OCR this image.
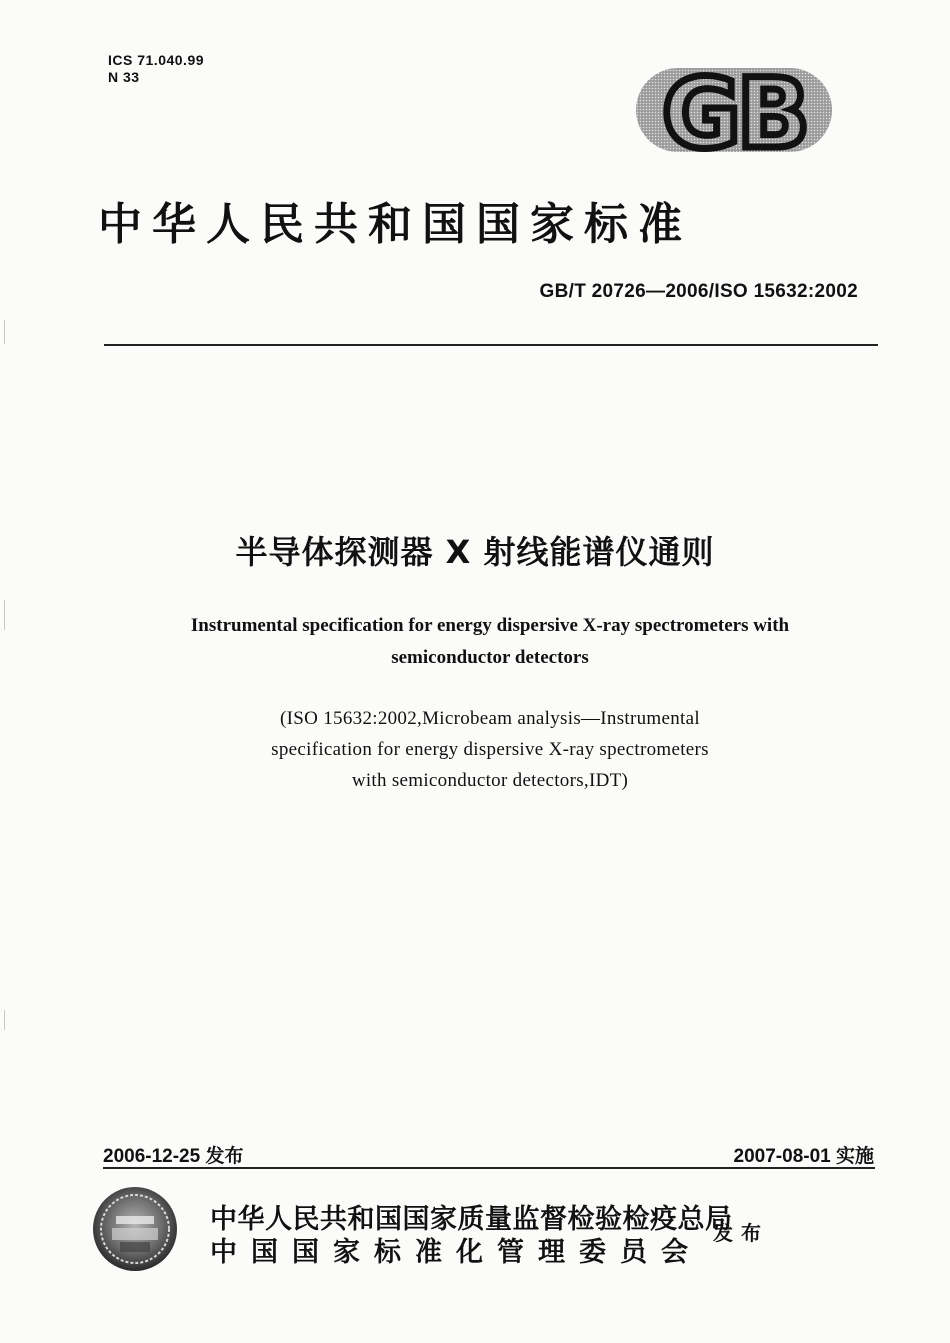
ICS 71.040.99
N 33	GB
中华人民共和国国家标准
GB/T 20726—2006/ISO 15632:2002
半导体探测器 X 射线能谱仪通则
Instrumental specification for energy dispersive X-ray spectrometers with
semiconductor detectors
(ISO 15632:2002,Microbeam analysis—Instrumental
specification for energy dispersive X-ray spectrometers
with semiconductor detectors,IDT)
2006-12-25 发布	2007-08-01 实施
中华人民共和国国家质量监督检验检疫总局
中国国家标准化管理委员会
发布
